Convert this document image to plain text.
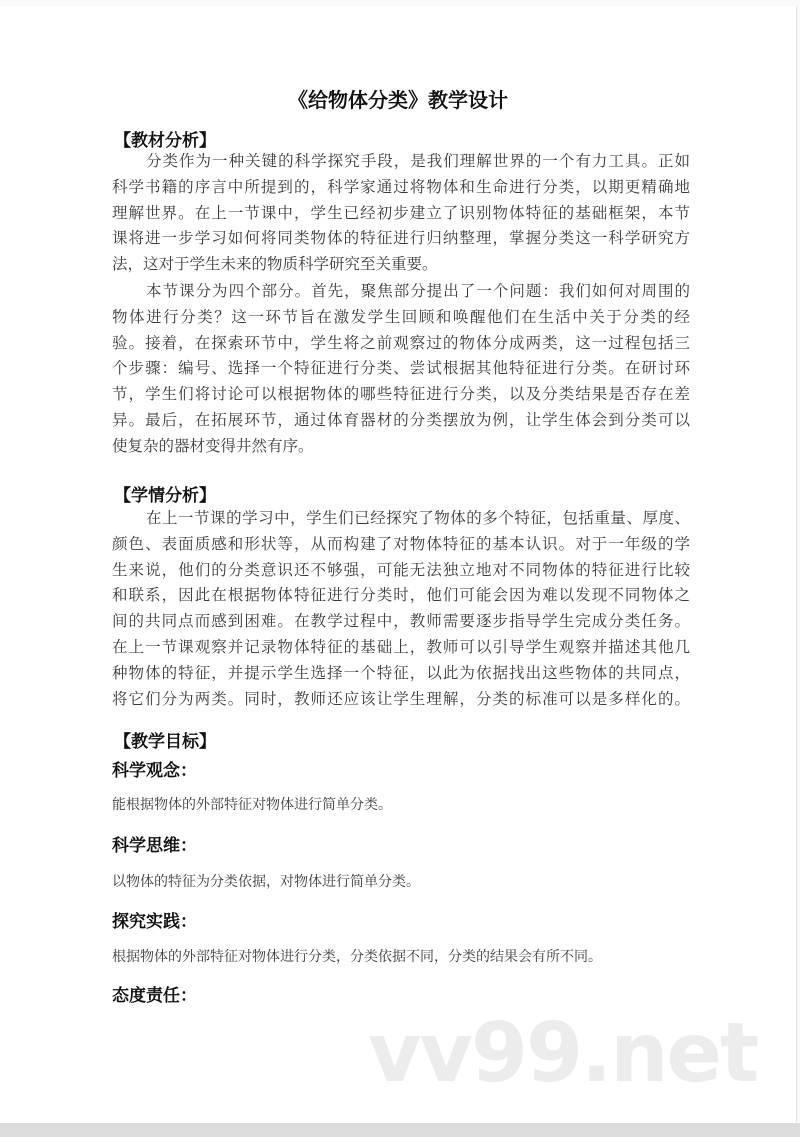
《给物体分类》教学设计
【教材分析】
分类作为一种关键的科学探究手段，是我们理解世界的一个有力工具。正如
科学书籍的序言中所提到的，科学家通过将物体和生命进行分类，以期更精确地
理解世界。在上一节课中，学生已经初步建立了识别物体特征的基础框架，本节
课将进一步学习如何将同类物体的特征进行归纳整理，掌握分类这一科学研究方
法，这对于学生未来的物质科学研究至关重要。
本节课分为四个部分。首先，聚焦部分提出了一个问题：我们如何对周围的
物体进行分类？这一环节旨在激发学生回顾和唤醒他们在生活中关于分类的经
验。接着，在探索环节中，学生将之前观察过的物体分成两类，这一过程包括三
个步骤：编号、选择一个特征进行分类、尝试根据其他特征进行分类。在研讨环
节，学生们将讨论可以根据物体的哪些特征进行分类，以及分类结果是否存在差
异。最后，在拓展环节，通过体育器材的分类摆放为例，让学生体会到分类可以
使复杂的器材变得井然有序。
【学情分析】
在上一节课的学习中，学生们已经探究了物体的多个特征，包括重量、厚度、
颜色、表面质感和形状等，从而构建了对物体特征的基本认识。对于一年级的学
生来说，他们的分类意识还不够强，可能无法独立地对不同物体的特征进行比较
和联系，因此在根据物体特征进行分类时，他们可能会因为难以发现不同物体之
间的共同点而感到困难。在教学过程中，教师需要逐步指导学生完成分类任务。
在上一节课观察并记录物体特征的基础上，教师可以引导学生观察并描述其他几
种物体的特征，并提示学生选择一个特征，以此为依据找出这些物体的共同点，
将它们分为两类。同时，教师还应该让学生理解，分类的标准可以是多样化的。
【教学目标】
科学观念：
能根据物体的外部特征对物体进行简单分类。
科学思维：
以物体的特征为分类依据，对物体进行简单分类。
探究实践：
根据物体的外部特征对物体进行分类，分类依据不同，分类的结果会有所不同。
态度责任：
vv99.net
